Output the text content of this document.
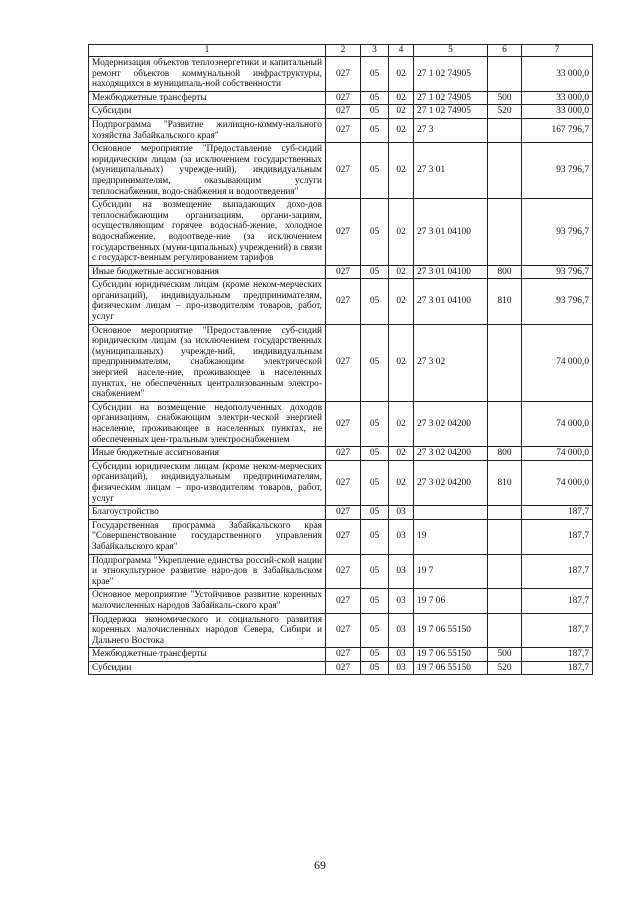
1	2	3	4	5	6	7
Модернизация объектов теплоэнергетики и капитальный ремонт объектов коммунальной инфраструктуры, находящихся в муниципаль-ной собственности	027	05	02	27 1 02 74905		33 000,0
Межбюджетные трансферты	027	05	02	27 1 02 74905	500	33 000,0
Субсидии	027	05	02	27 1 02 74905	520	33 000,0
Подпрограмма "Развитие жилищно-комму-нального хозяйства Забайкальского края"	027	05	02	27 3		167 796,7
Основное мероприятие "Предоставление суб-сидий юридическим лицам (за исключением государственных (муниципальных) учрежде-ний), индивидуальным предпринимателям, оказывающим услуги теплоснабжения, водо-снабжения и водоотведения"	027	05	02	27 3 01		93 796,7
Субсидии на возмещение выпадающих дохо-дов теплоснабжающим организациям, органи-зациям, осуществляющим горячее водоснаб-жение, холодное водоснабжение, водоотведе-ние (за исключением государственных (муни-ципальных) учреждений) в связи с государст-венным регулированием тарифов	027	05	02	27 3 01 04100		93 796,7
Иные бюджетные ассигнования	027	05	02	27 3 01 04100	800	93 796,7
Субсидии юридическим лицам (кроме неком-мерческих организаций), индивидуальным предпринимателям, физическим лицам – про-изводителям товаров, работ, услуг	027	05	02	27 3 01 04100	810	93 796,7
Основное мероприятие "Предоставление суб-сидий юридическим лицам (за исключением государственных (муниципальных) учрежде-ний, индивидуальным предпринимателям, снабжающим электрической энергией населе-ние, проживающее в населенных пунктах, не обеспеченных централизованным электро-снабжением"	027	05	02	27 3 02		74 000,0
Субсидии на возмещение недополученных доходов организациям, снабжающим электри-ческой энергией население, проживающее в населенных пунктах, не обеспеченных цен-тральным электроснабжением	027	05	02	27 3 02 04200		74 000,0
Иные бюджетные ассигнования	027	05	02	27 3 02 04200	800	74 000,0
Субсидии юридическим лицам (кроме неком-мерческих организаций), индивидуальным предпринимателям, физическим лицам – про-изводителям товаров, работ, услуг	027	05	02	27 3 02 04200	810	74 000,0
Благоустройство	027	05	03			187,7
Государственная программа Забайкальского края "Совершенствование государственного управления Забайкальского края"	027	05	03	19		187,7
Подпрограмма "Укрепление единства россий-ской нации и этнокультурное развитие наро-дов в Забайкальском крае"	027	05	03	19 7		187,7
Основное мероприятие "Устойчивое развитие коренных малочисленных народов Забайкаль-ского края"	027	05	03	19 7 06		187,7
Поддержка экономического и социального развития коренных малочисленных народов Севера, Сибири и Дальнего Востока	027	05	03	19 7 06 55150		187,7
Межбюджетные трансферты	027	05	03	19 7 06 55150	500	187,7
Субсидии	027	05	03	19 7 06 55150	520	187,7
69
